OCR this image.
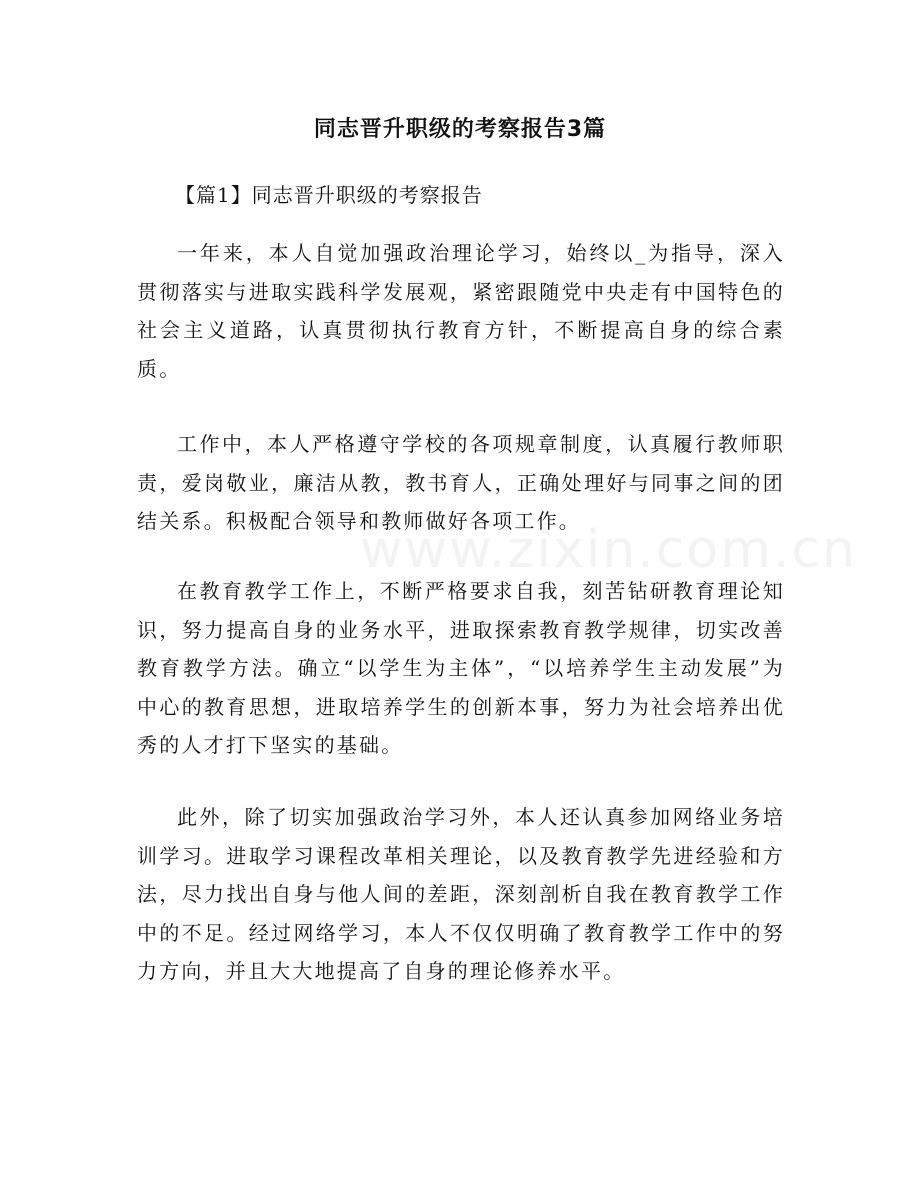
www.zixin.com.cn
同志晋升职级的考察报告3篇
【篇1】同志晋升职级的考察报告

一年来，本人自觉加强政治理论学习，始终以_为指导，深入贯彻落实与进取实践科学发展观，紧密跟随党中央走有中国特色的社会主义道路，认真贯彻执行教育方针，不断提高自身的综合素质。

工作中，本人严格遵守学校的各项规章制度，认真履行教师职责，爱岗敬业，廉洁从教，教书育人，正确处理好与同事之间的团结关系。积极配合领导和教师做好各项工作。

在教育教学工作上，不断严格要求自我，刻苦钻研教育理论知识，努力提高自身的业务水平，进取探索教育教学规律，切实改善教育教学方法。确立“以学生为主体”，“以培养学生主动发展”为中心的教育思想，进取培养学生的创新本事，努力为社会培养出优秀的人才打下坚实的基础。

此外，除了切实加强政治学习外，本人还认真参加网络业务培训学习。进取学习课程改革相关理论，以及教育教学先进经验和方法，尽力找出自身与他人间的差距，深刻剖析自我在教育教学工作中的不足。经过网络学习，本人不仅仅明确了教育教学工作中的努力方向，并且大大地提高了自身的理论修养水平。
